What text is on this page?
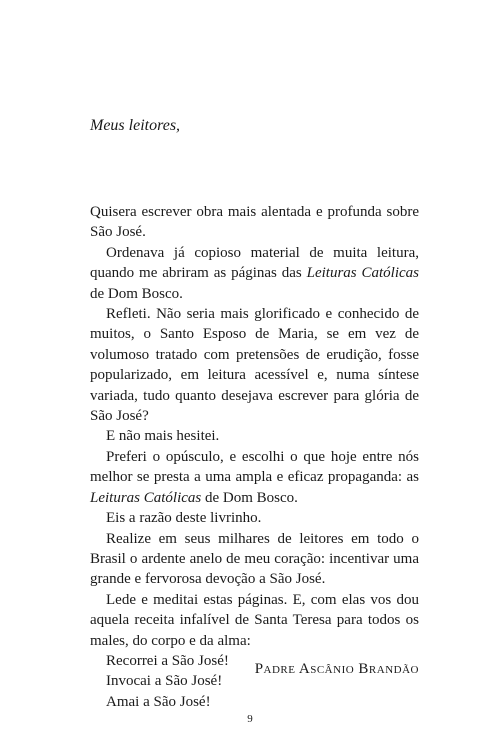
Meus leitores,

Quisera escrever obra mais alentada e profunda sobre São José.

Ordenava já copioso material de muita leitura, quando me abriram as páginas das Leituras Católicas de Dom Bosco.

Refleti. Não seria mais glorificado e conhecido de muitos, o Santo Esposo de Maria, se em vez de volumoso tratado com pretensões de erudição, fosse popularizado, em leitura acessível e, numa síntese variada, tudo quanto desejava escrever para glória de São José?

E não mais hesitei.

Preferi o opúsculo, e escolhi o que hoje entre nós melhor se presta a uma ampla e eficaz propaganda: as Leituras Católicas de Dom Bosco.

Eis a razão deste livrinho.

Realize em seus milhares de leitores em todo o Brasil o ardente anelo de meu coração: incentivar uma grande e fervorosa devoção a São José.

Lede e meditai estas páginas. E, com elas vos dou aquela receita infalível de Santa Teresa para todos os males, do corpo e da alma:

Recorrei a São José!

Invocai a São José!

Amai a São José!

Padre Ascânio Brandão

9
